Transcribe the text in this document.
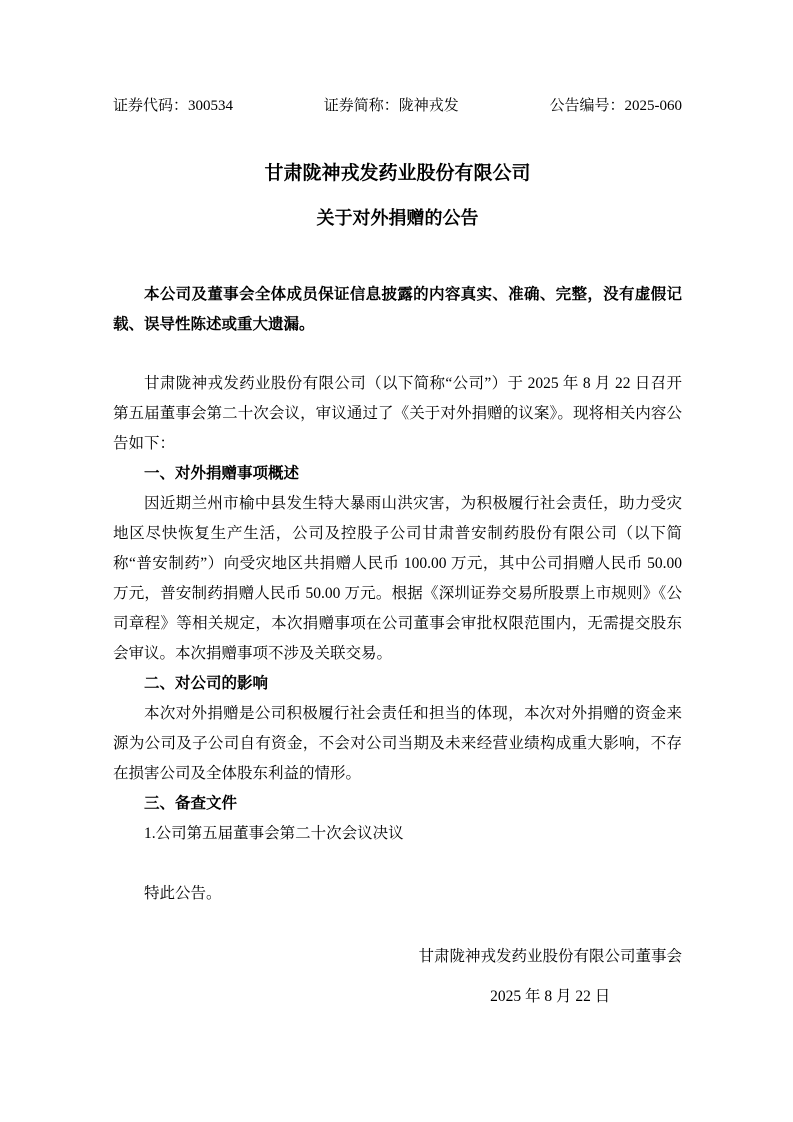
证券代码：300534	证券简称：陇神戎发	公告编号：2025-060
甘肃陇神戎发药业股份有限公司
关于对外捐赠的公告

本公司及董事会全体成员保证信息披露的内容真实、准确、完整，没有虚假记载、误导性陈述或重大遗漏。

甘肃陇神戎发药业股份有限公司（以下简称“公司”）于 2025 年 8 月 22 日召开第五届董事会第二十次会议，审议通过了《关于对外捐赠的议案》。现将相关内容公告如下：

一、对外捐赠事项概述

因近期兰州市榆中县发生特大暴雨山洪灾害，为积极履行社会责任，助力受灾地区尽快恢复生产生活，公司及控股子公司甘肃普安制药股份有限公司（以下简称“普安制药”）向受灾地区共捐赠人民币 100.00 万元，其中公司捐赠人民币 50.00 万元，普安制药捐赠人民币 50.00 万元。根据《深圳证券交易所股票上市规则》《公司章程》等相关规定，本次捐赠事项在公司董事会审批权限范围内，无需提交股东会审议。本次捐赠事项不涉及关联交易。

二、对公司的影响

本次对外捐赠是公司积极履行社会责任和担当的体现，本次对外捐赠的资金来源为公司及子公司自有资金，不会对公司当期及未来经营业绩构成重大影响，不存在损害公司及全体股东利益的情形。

三、备查文件

1.公司第五届董事会第二十次会议决议

特此公告。

甘肃陇神戎发药业股份有限公司董事会
2025 年 8 月 22 日
